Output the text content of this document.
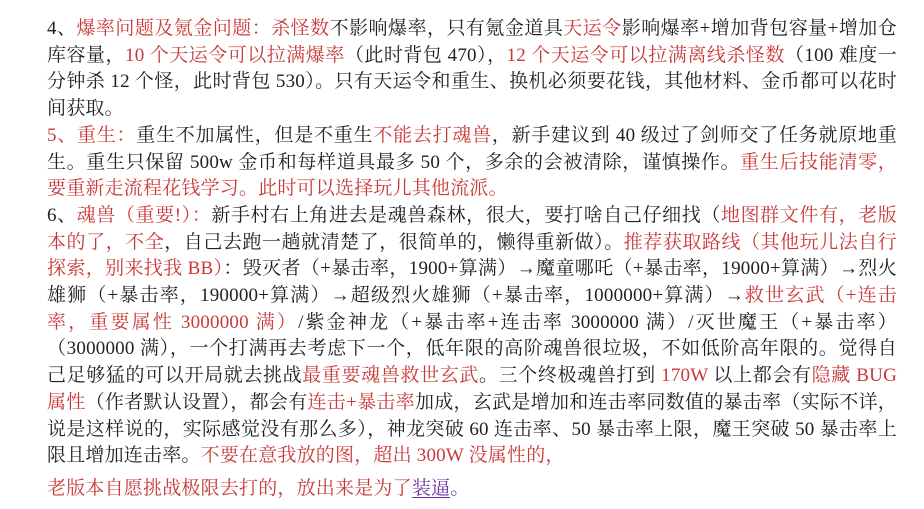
4、爆率问题及氪金问题：杀怪数不影响爆率，只有氪金道具天运令影响爆率+增加背包容量+增加仓库容量，10 个天运令可以拉满爆率（此时背包 470），12 个天运令可以拉满离线杀怪数（100 难度一分钟杀 12 个怪，此时背包 530）。只有天运令和重生、换机必须要花钱，其他材料、金币都可以花时间获取。

5、重生：重生不加属性，但是不重生不能去打魂兽，新手建议到 40 级过了剑师交了任务就原地重生。重生只保留 500w 金币和每样道具最多 50 个，多余的会被清除，谨慎操作。重生后技能清零，要重新走流程花钱学习。此时可以选择玩儿其他流派。

6、魂兽（重要!）：新手村右上角进去是魂兽森林，很大，要打啥自己仔细找（地图群文件有，老版本的了，不全，自己去跑一趟就清楚了，很简单的，懒得重新做）。推荐获取路线（其他玩儿法自行探索，别来找我 BB）：毁灭者（+暴击率，1900+算满）→魔童哪吒（+暴击率，19000+算满）→烈火雄狮（+暴击率，190000+算满）→超级烈火雄狮（+暴击率，1000000+算满）→救世玄武（+连击率，重要属性 3000000 满）/紫金神龙（+暴击率+连击率 3000000 满）/灭世魔王（+暴击率）（3000000 满），一个打满再去考虑下一个，低年限的高阶魂兽很垃圾，不如低阶高年限的。觉得自己足够猛的可以开局就去挑战最重要魂兽救世玄武。三个终极魂兽打到 170W 以上都会有隐藏 BUG 属性（作者默认设置），都会有连击+暴击率加成，玄武是增加和连击率同数值的暴击率（实际不详，说是这样说的，实际感觉没有那么多），神龙突破 60 连击率、50 暴击率上限，魔王突破 50 暴击率上限且增加连击率。不要在意我放的图，超出 300W 没属性的，

老版本自愿挑战极限去打的，放出来是为了装逼。
